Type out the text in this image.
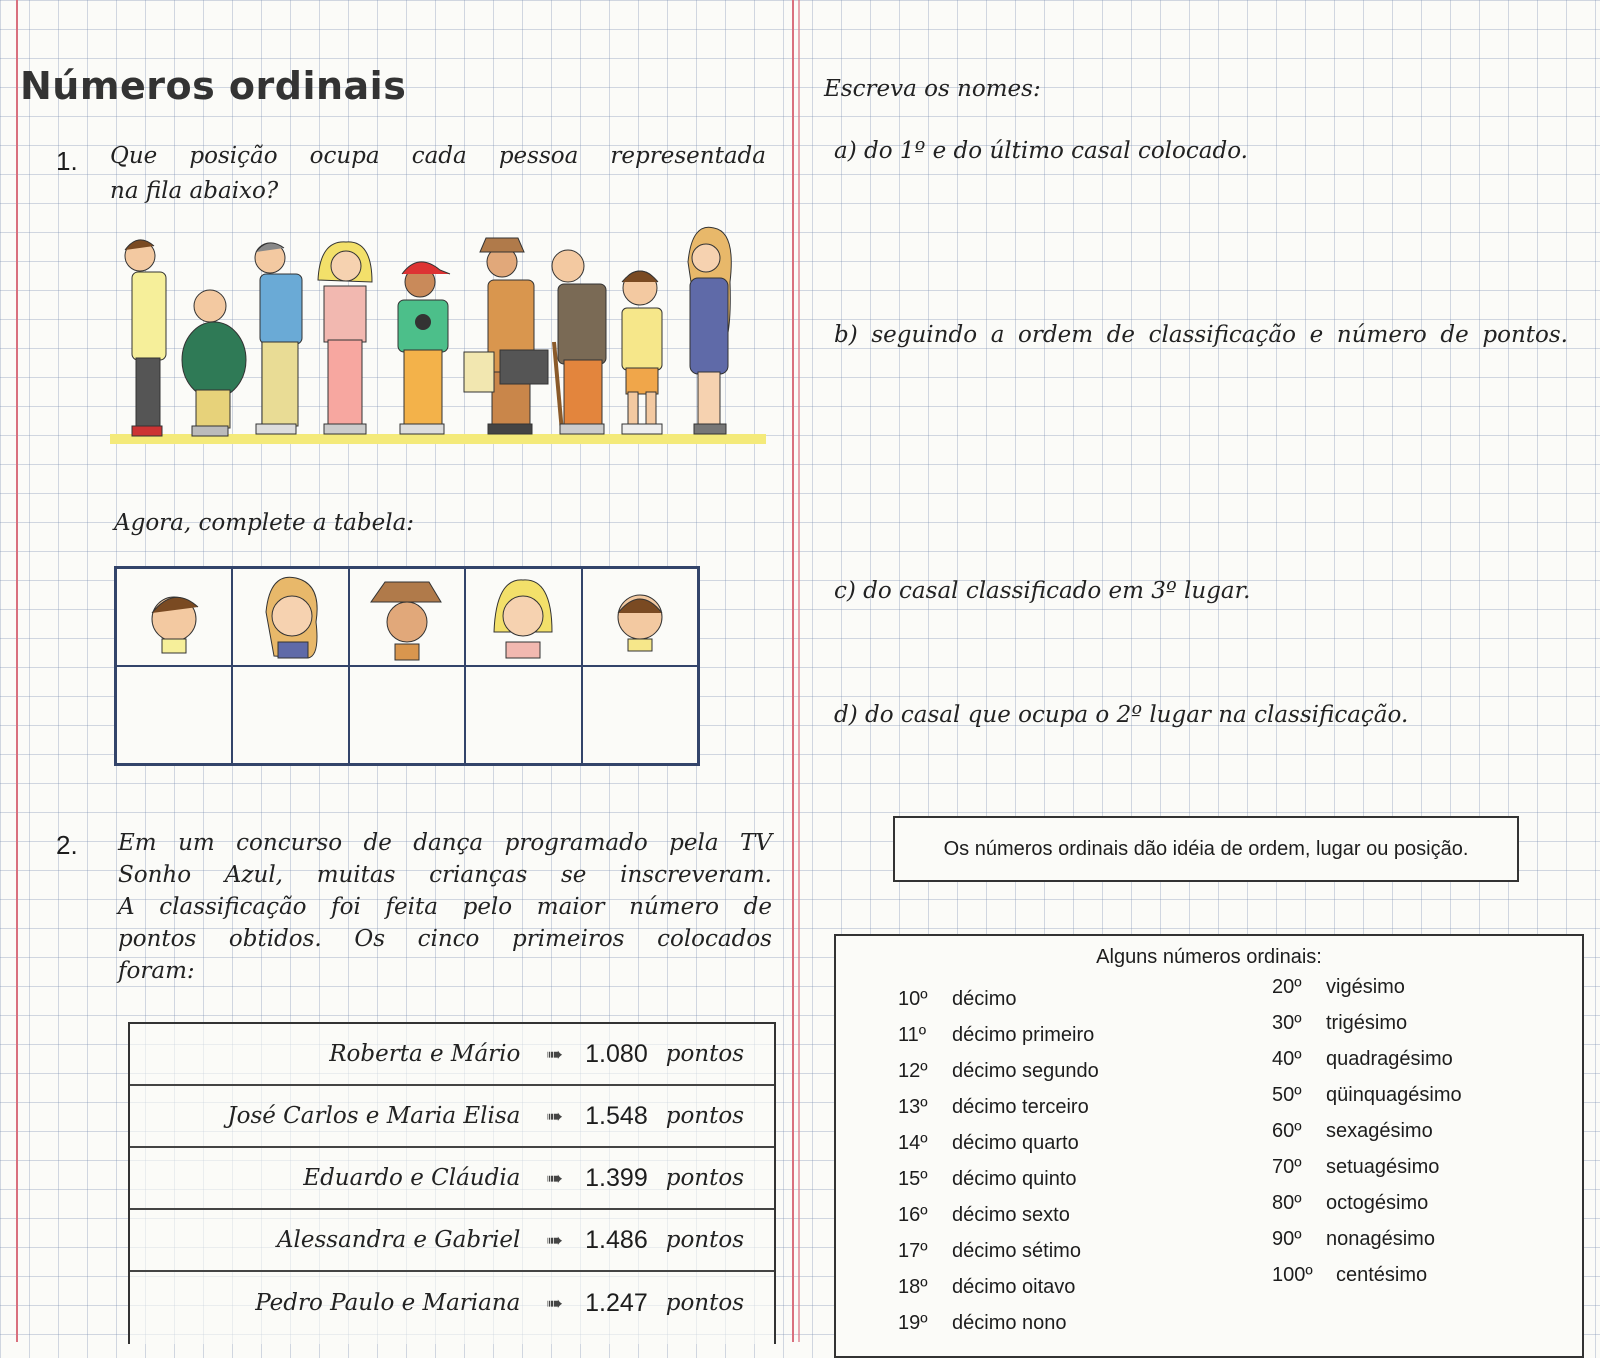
Números ordinais
1. Que posição ocupa cada pessoa representada
na fila abaixo?
Agora, complete a tabela:
2. Em um concurso de dança programado pela TV
Sonho Azul, muitas crianças se inscreveram.
A classificação foi feita pelo maior número de
pontos obtidos. Os cinco primeiros colocados
foram:
Roberta e Mário ➠ 1.080 pontos
José Carlos e Maria Elisa ➠ 1.548 pontos
Eduardo e Cláudia ➠ 1.399 pontos
Alessandra e Gabriel ➠ 1.486 pontos
Pedro Paulo e Mariana ➠ 1.247 pontos
Escreva os nomes:
a) do 1º e do último casal colocado.
b) seguindo a ordem de classificação e número de pontos.
c) do casal classificado em 3º lugar.
d) do casal que ocupa o 2º lugar na classificação.
Os números ordinais dão idéia de ordem, lugar ou posição.
Alguns números ordinais:
10º	décimo
11º	décimo primeiro
12º	décimo segundo
13º	décimo terceiro
14º	décimo quarto
15º	décimo quinto
16º	décimo sexto
17º	décimo sétimo
18º	décimo oitavo
19º	décimo nono
20º	vigésimo
30º	trigésimo
40º	quadragésimo
50º	qüinquagésimo
60º	sexagésimo
70º	setuagésimo
80º	octogésimo
90º	nonagésimo
100º	centésimo
